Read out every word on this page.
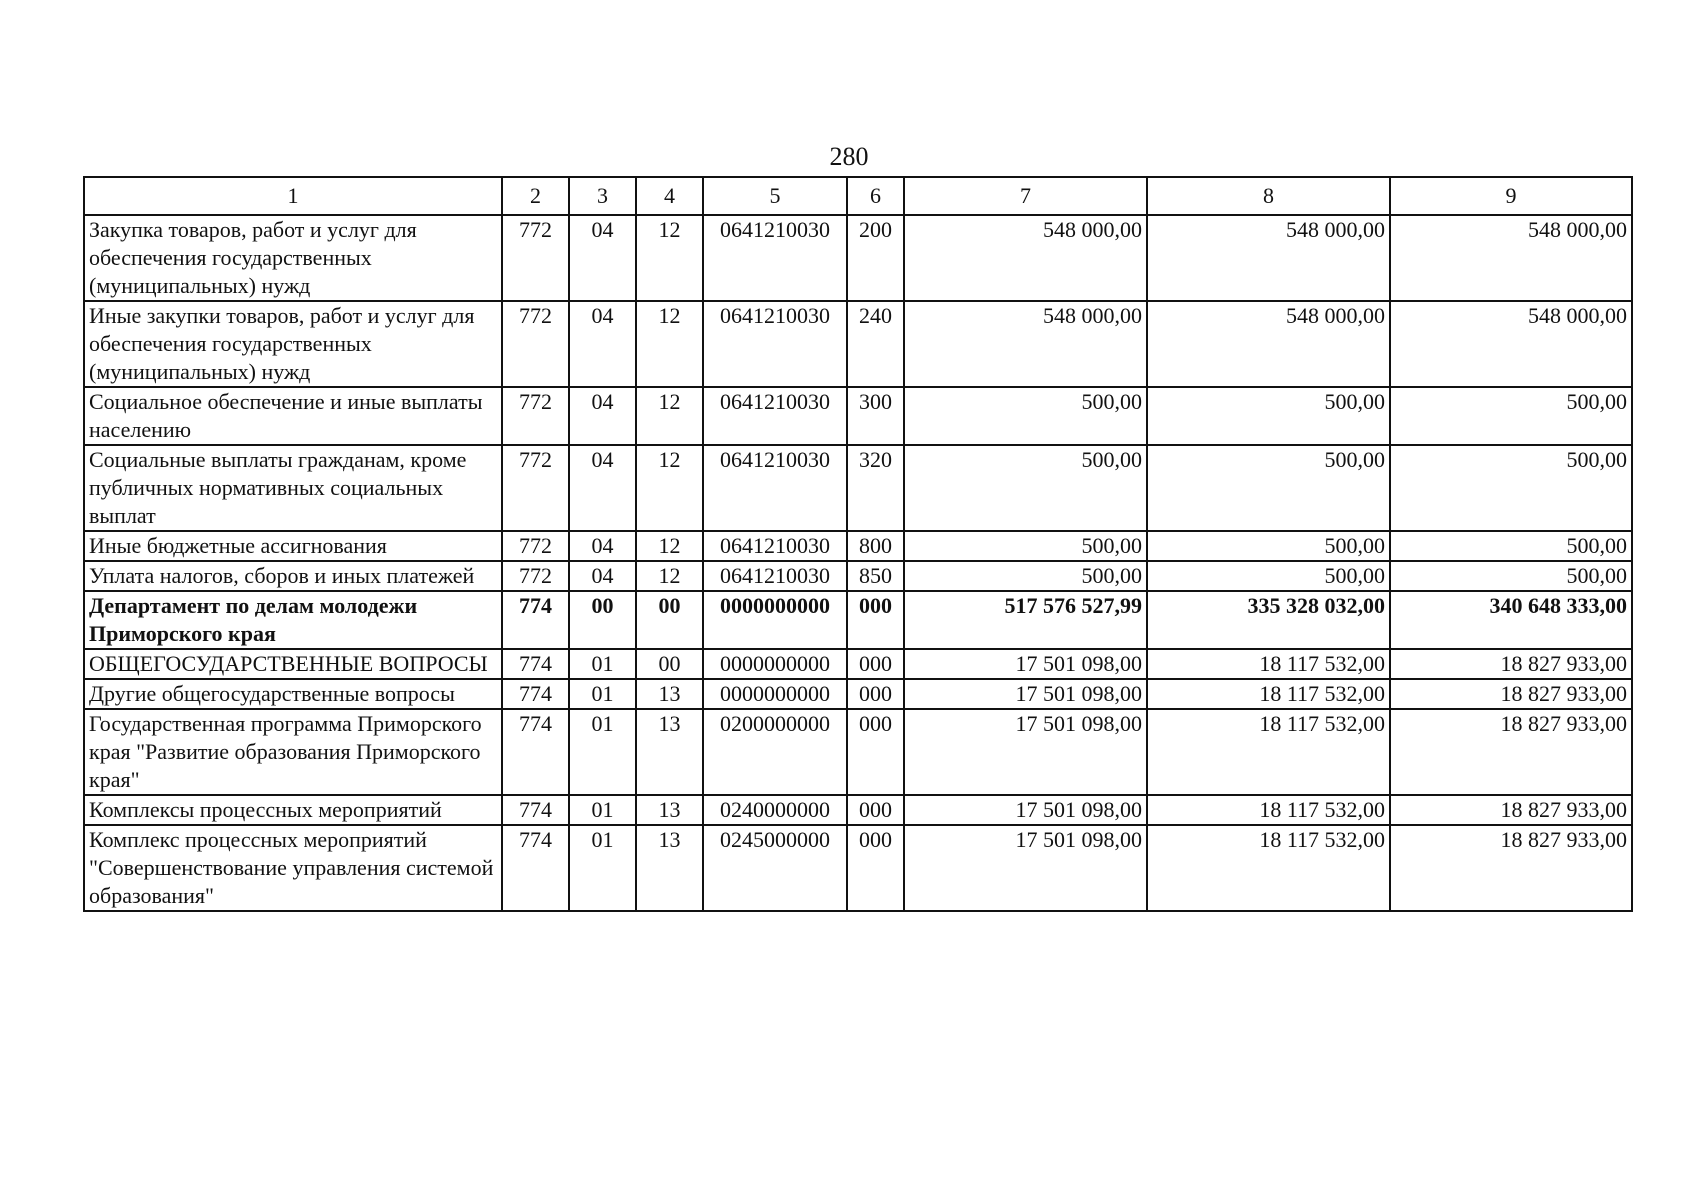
280
1	2	3	4	5	6	7	8	9
Закупка товаров, работ и услуг для обеспечения государственных (муниципальных) нужд	772	04	12	0641210030	200	548 000,00	548 000,00	548 000,00
Иные закупки товаров, работ и услуг для обеспечения государственных (муниципальных) нужд	772	04	12	0641210030	240	548 000,00	548 000,00	548 000,00
Социальное обеспечение и иные выплаты населению	772	04	12	0641210030	300	500,00	500,00	500,00
Социальные выплаты гражданам, кроме публичных нормативных социальных выплат	772	04	12	0641210030	320	500,00	500,00	500,00
Иные бюджетные ассигнования	772	04	12	0641210030	800	500,00	500,00	500,00
Уплата налогов, сборов и иных платежей	772	04	12	0641210030	850	500,00	500,00	500,00
Департамент по делам молодежи Приморского края	774	00	00	0000000000	000	517 576 527,99	335 328 032,00	340 648 333,00
ОБЩЕГОСУДАРСТВЕННЫЕ ВОПРОСЫ	774	01	00	0000000000	000	17 501 098,00	18 117 532,00	18 827 933,00
Другие общегосударственные вопросы	774	01	13	0000000000	000	17 501 098,00	18 117 532,00	18 827 933,00
Государственная программа Приморского края "Развитие образования Приморского края"	774	01	13	0200000000	000	17 501 098,00	18 117 532,00	18 827 933,00
Комплексы процессных мероприятий	774	01	13	0240000000	000	17 501 098,00	18 117 532,00	18 827 933,00
Комплекс процессных мероприятий "Совершенствование управления системой образования"	774	01	13	0245000000	000	17 501 098,00	18 117 532,00	18 827 933,00
